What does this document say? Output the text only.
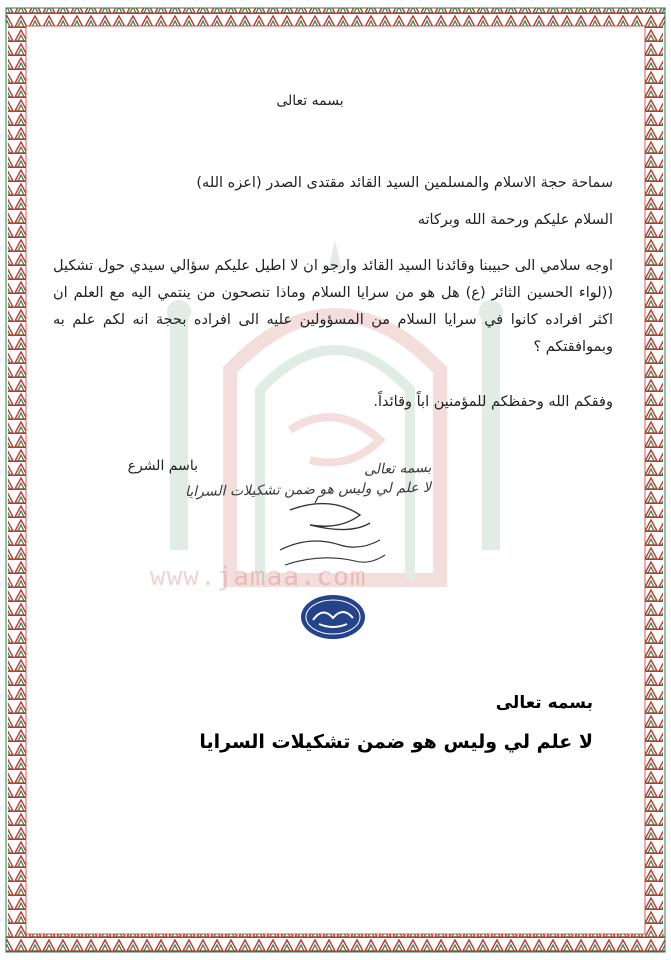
www.jamaa.com
بسمه تعالى
سماحة حجة الاسلام والمسلمين السيد القائد مقتدى الصدر (اعزه الله)
السلام عليكم ورحمة الله وبركاته
اوجه سلامي الى حبيبنا وقائدنا السيد القائد وارجو ان لا اطيل عليكم سؤالي سيدي حول تشكيل ((لواء الحسين الثائر (ع) هل هو من سرايا السلام وماذا تنصحون من ينتمي اليه مع العلم ان اكثر افراده كانوا في سرايا السلام من المسؤولين عليه الى افراده بحجة انه لكم علم به وبموافقتكم ؟
وفقكم الله وحفظكم للمؤمنين اباً وقائداً.
باسم الشرع	بسمه تعالى
لا علم لي وليس هو ضمن تشكيلات السرايا
بسمه تعالى
لا علم لي وليس هو ضمن تشكيلات السرايا
